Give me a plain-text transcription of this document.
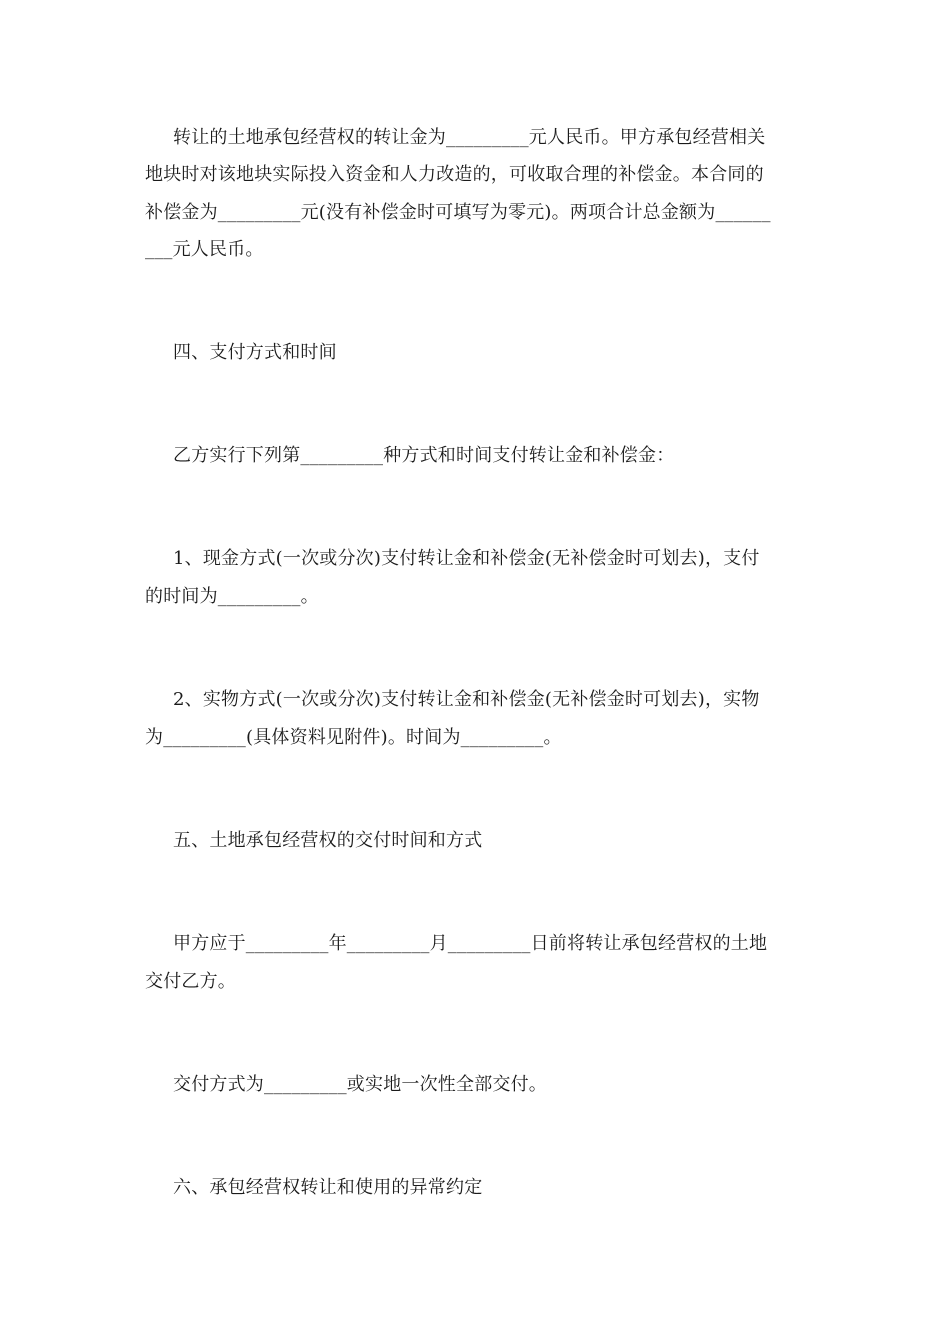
转让的土地承包经营权的转让金为_________元人民币。甲方承包经营相关
地块时对该地块实际投入资金和人力改造的，可收取合理的补偿金。本合同的
补偿金为_________元(没有补偿金时可填写为零元)。两项合计总金额为______
___元人民币。
四、支付方式和时间
乙方实行下列第_________种方式和时间支付转让金和补偿金：
1、现金方式(一次或分次)支付转让金和补偿金(无补偿金时可划去)，支付
的时间为_________。
2、实物方式(一次或分次)支付转让金和补偿金(无补偿金时可划去)，实物
为_________(具体资料见附件)。时间为_________。
五、土地承包经营权的交付时间和方式
甲方应于_________年_________月_________日前将转让承包经营权的土地
交付乙方。
交付方式为_________或实地一次性全部交付。
六、承包经营权转让和使用的异常约定
